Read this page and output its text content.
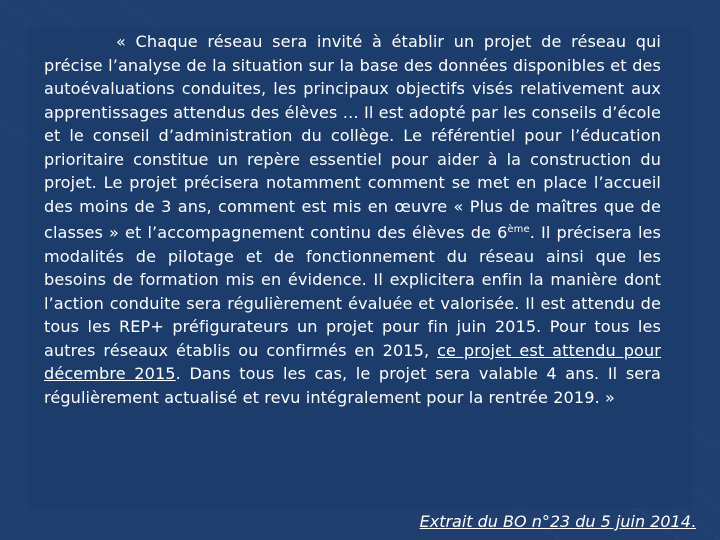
« Chaque réseau sera invité à établir un projet de réseau qui précise l’analyse de la situation sur la base des données disponibles et des autoévaluations conduites, les principaux objectifs visés relativement aux apprentissages attendus des élèves … Il est adopté par les conseils d’école et le conseil d’administration du collège. Le référentiel pour l’éducation prioritaire constitue un repère essentiel pour aider à la construction du projet. Le projet précisera notamment comment se met en place l’accueil des moins de 3 ans, comment est mis en œuvre « Plus de maîtres que de classes » et l’accompagnement continu des élèves de 6ème. Il précisera les modalités de pilotage et de fonctionnement du réseau ainsi que les besoins de formation mis en évidence. Il explicitera enfin la manière dont l’action conduite sera régulièrement évaluée et valorisée. Il est attendu de tous les REP+ préfigurateurs un projet pour fin juin 2015. Pour tous les autres réseaux établis ou confirmés en 2015, ce projet est attendu pour décembre 2015. Dans tous les cas, le projet sera valable 4 ans. Il sera régulièrement actualisé et revu intégralement pour la rentrée 2019. »

Extrait du BO n°23 du 5 juin 2014.
